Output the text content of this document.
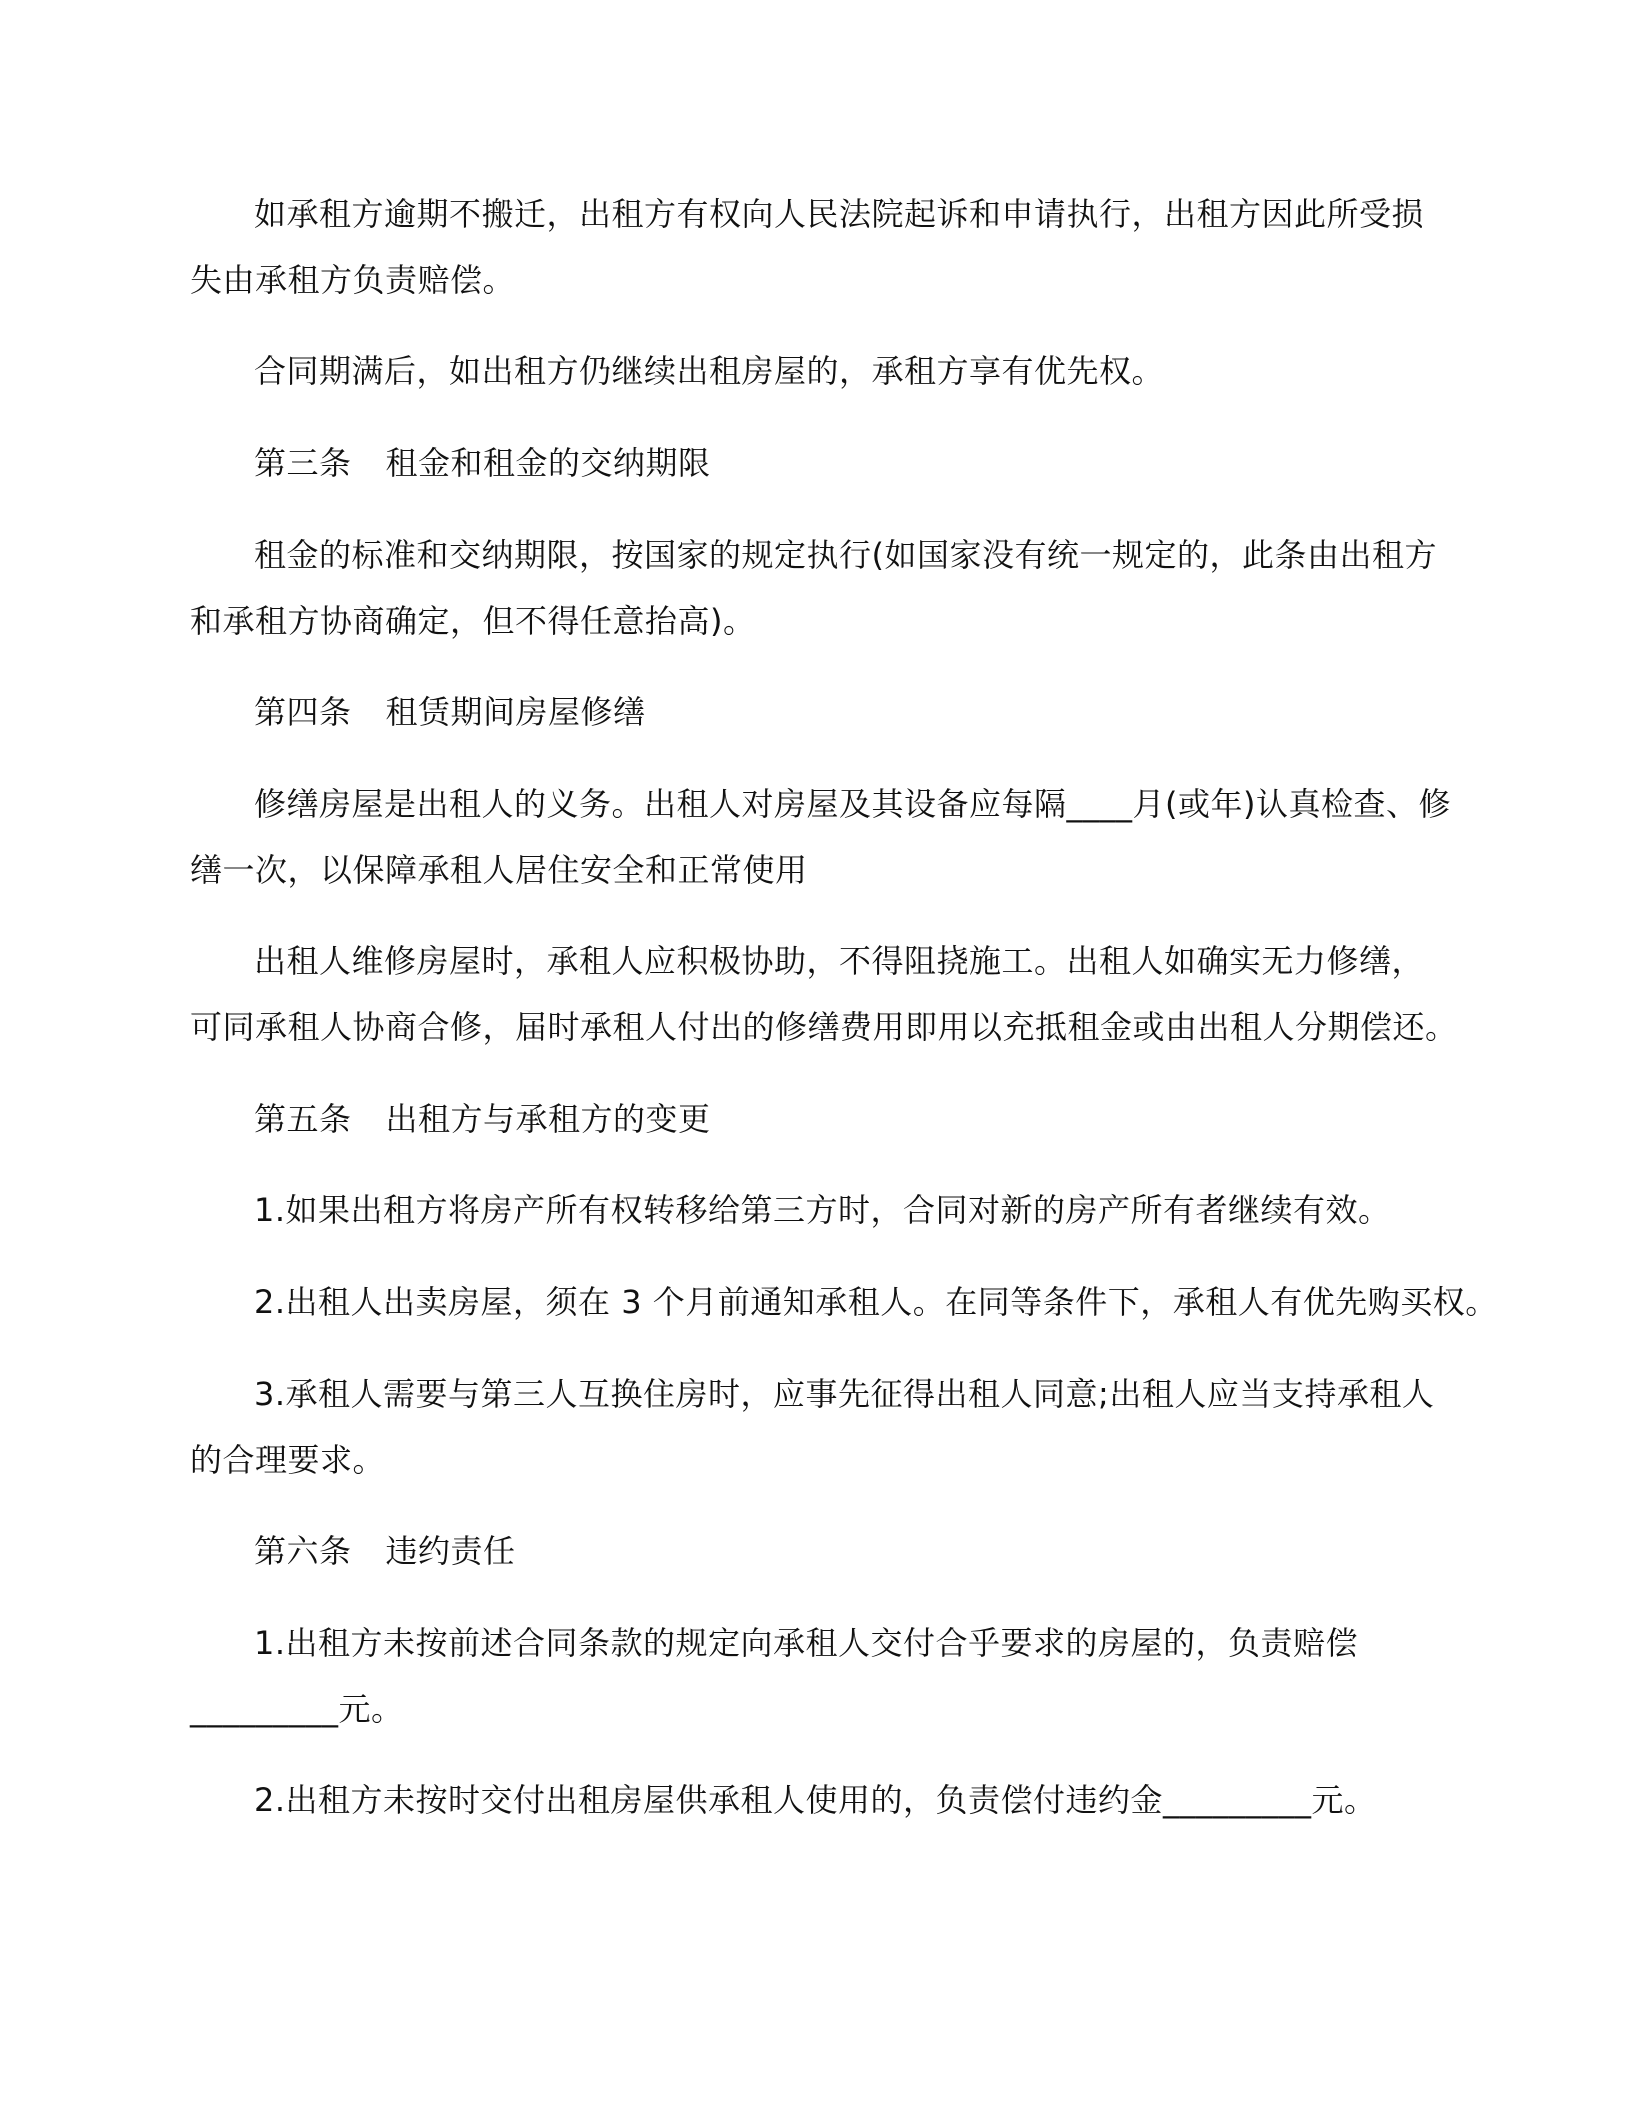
如承租方逾期不搬迁，出租方有权向人民法院起诉和申请执行，出租方因此所受损
失由承租方负责赔偿。
合同期满后，如出租方仍继续出租房屋的，承租方享有优先权。
第三条 租金和租金的交纳期限
租金的标准和交纳期限，按国家的规定执行(如国家没有统一规定的，此条由出租方
和承租方协商确定，但不得任意抬高)。
第四条 租赁期间房屋修缮
修缮房屋是出租人的义务。出租人对房屋及其设备应每隔____月(或年)认真检查、修
缮一次，以保障承租人居住安全和正常使用
出租人维修房屋时，承租人应积极协助，不得阻挠施工。出租人如确实无力修缮，
可同承租人协商合修，届时承租人付出的修缮费用即用以充抵租金或由出租人分期偿还。
第五条 出租方与承租方的变更
1.如果出租方将房产所有权转移给第三方时，合同对新的房产所有者继续有效。
2.出租人出卖房屋，须在 3 个月前通知承租人。在同等条件下，承租人有优先购买权。
3.承租人需要与第三人互换住房时，应事先征得出租人同意;出租人应当支持承租人
的合理要求。
第六条 违约责任
1.出租方未按前述合同条款的规定向承租人交付合乎要求的房屋的，负责赔偿
_________元。
2.出租方未按时交付出租房屋供承租人使用的，负责偿付违约金_________元。
